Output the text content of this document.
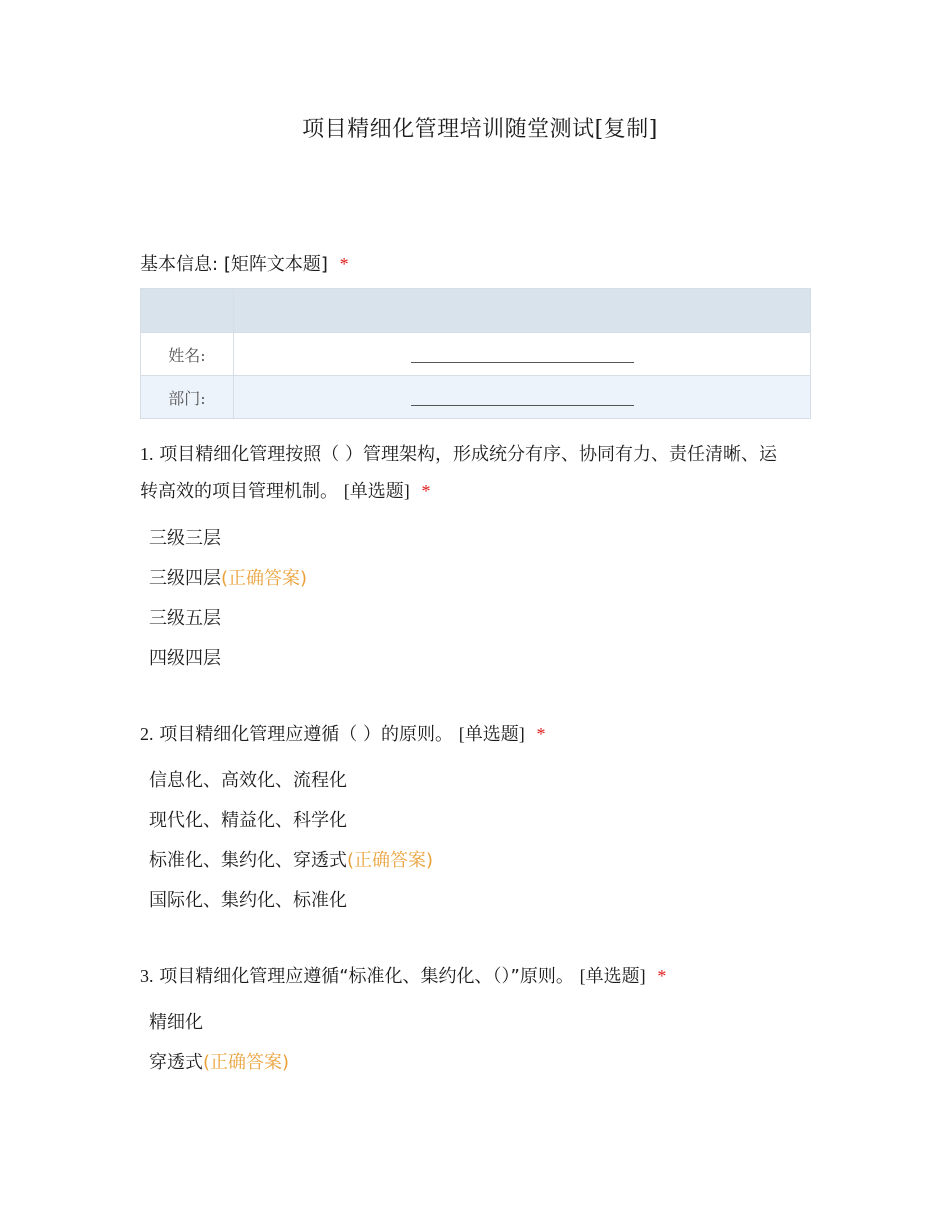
项目精细化管理培训随堂测试[复制]
基本信息: [矩阵文本题] *

姓名:	
部门:	
1. 项目精细化管理按照（ ）管理架构，形成统分有序、协同有力、责任清晰、运
转高效的项目管理机制。 [单选题] *
三级三层
三级四层(正确答案)
三级五层
四级四层
2. 项目精细化管理应遵循（ ）的原则。 [单选题] *
信息化、高效化、流程化
现代化、精益化、科学化
标准化、集约化、穿透式(正确答案)
国际化、集约化、标准化
3. 项目精细化管理应遵循“标准化、集约化、（）”原则。 [单选题] *
精细化
穿透式(正确答案)
